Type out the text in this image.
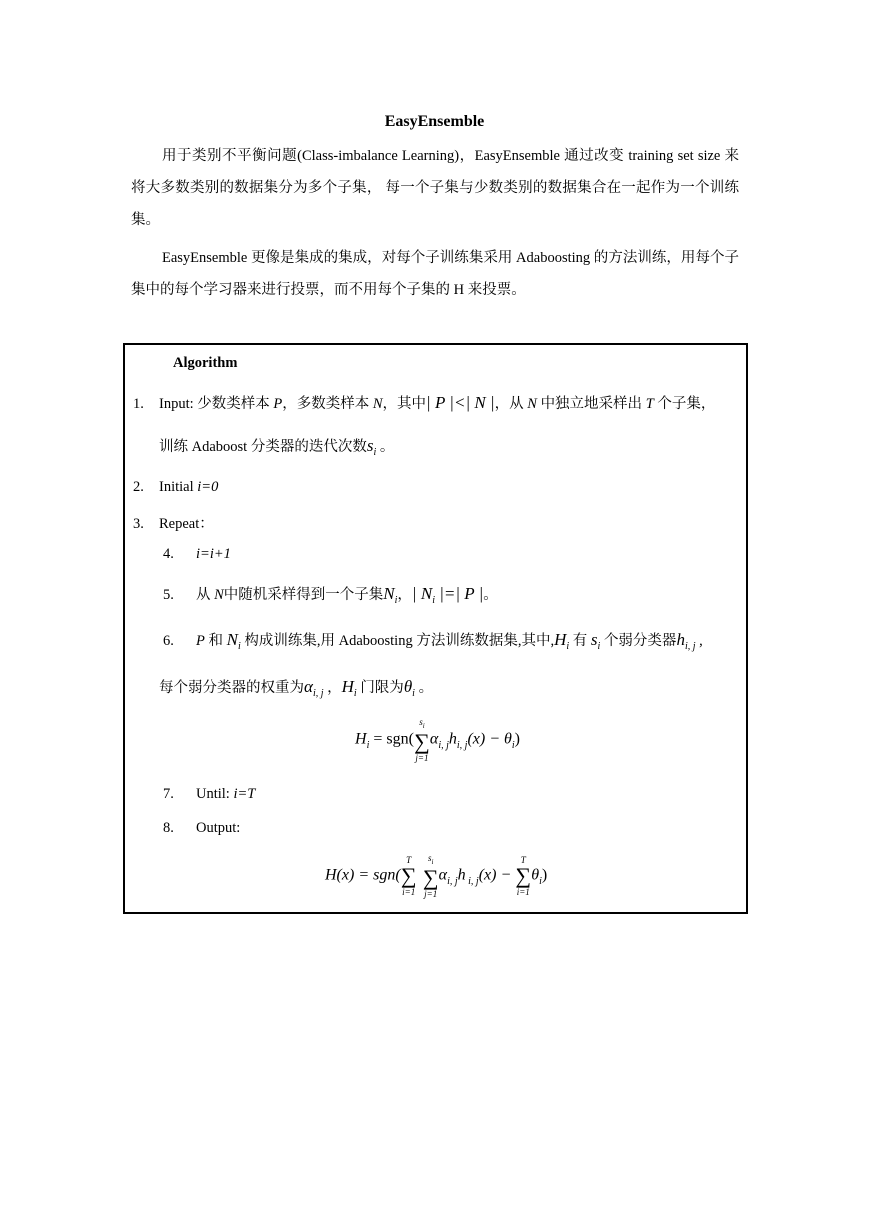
EasyEnsemble
用于类别不平衡问题(Class-imbalance Learning)，EasyEnsemble 通过改变 training set size 来将大多数类别的数据集分为多个子集， 每一个子集与少数类别的数据集合在一起作为一个训练集。
EasyEnsemble 更像是集成的集成，对每个子训练集采用 Adaboosting 的方法训练，用每个子集中的每个学习器来进行投票，而不用每个子集的 H 来投票。
Algorithm
1. Input: 少数类样本 P，多数类样本 N，其中| P |<| N |，从 N 中独立地采样出 T 个子集，
训练 Adaboost 分类器的迭代次数$s_i$ 。
2. Initial i=0
3. Repeat：
4. i=i+1
5. 从 N中随机采样得到一个子集$N_i$，| $N_i$ |=| P |。
6. P 和 $N_i$ 构成训练集,用 Adaboosting 方法训练数据集,其中$,H_i$ 有 $s_i$ 个弱分类器$h_{i, j}$ ,
每个弱分类器的权重为$\alpha_{i, j}$ ，$H_i$ 门限为$\theta_i$ 。
$H_i = sgn$(
$s_i$
∑
j=1
$\alpha_{i, j}h_{i, j}(x) - \theta_i$)
7. Until: i=T
8. Output:
H(x) = sgn(
T
∑
i=1
$s_i$
∑
j=1
$\alpha_{i, j}h$ $_{i, j}$(x) −
T
∑
i=1
$\theta_i$)
